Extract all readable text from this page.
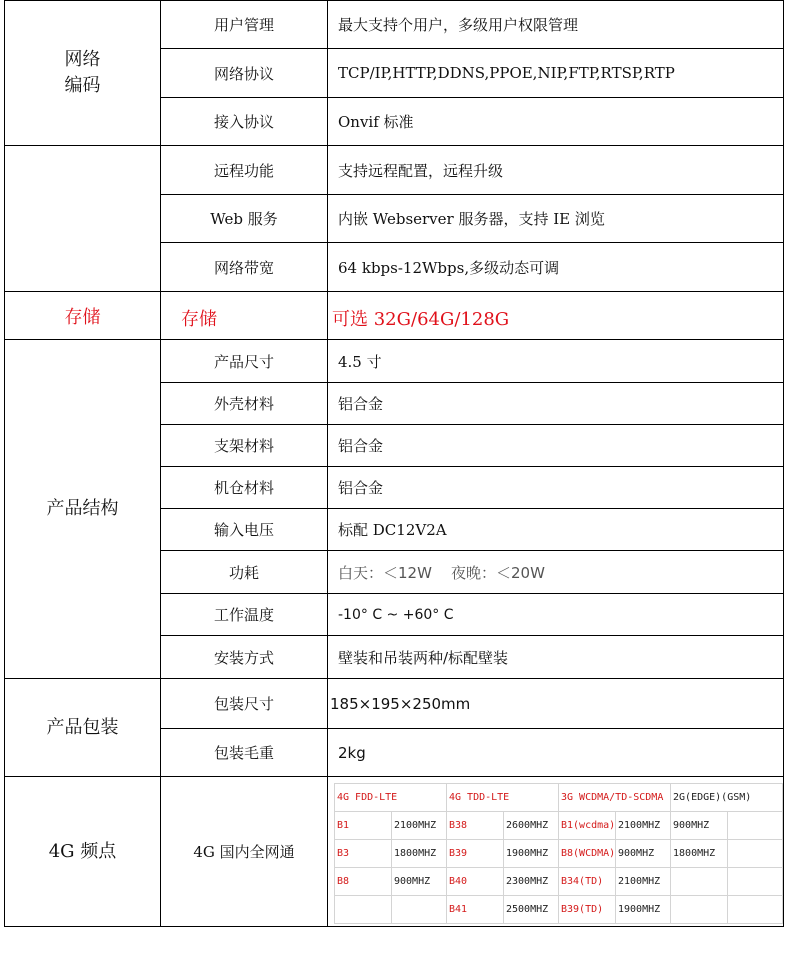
网络
编码	用户管理	最大支持个用户，多级用户权限管理
网络协议	TCP/IP,HTTP,DDNS,PPOE,NIP,FTP,RTSP,RTP
接入协议	Onvif 标准
	远程功能	支持远程配置，远程升级
Web 服务	内嵌 Webserver 服务器，支持 IE 浏览
网络带宽	64 kbps-12Wbps,多级动态可调
存储	存储	可选 32G/64G/128G
产品结构	产品尺寸	4.5 寸
外壳材料	铝合金
支架材料	铝合金
机仓材料	铝合金
输入电压	标配 DC12V2A
功耗	白天：＜12W    夜晚：＜20W
工作温度	-10° C ~ +60° C
安装方式	壁装和吊装两种/标配壁装
产品包装	包装尺寸	185×195×250mm
包装毛重	2kg
4G 频点	4G 国内全网通	
4G FDD-LTE	4G TDD-LTE	3G WCDMA/TD-SCDMA	2G(EDGE)(GSM)
B1	2100MHZ	B38	2600MHZ	B1(wcdma)	2100MHZ	900MHZ	
B3	1800MHZ	B39	1900MHZ	B8(WCDMA)	900MHZ	1800MHZ	
B8	900MHZ	B40	2300MHZ	B34(TD)	2100MHZ		
		B41	2500MHZ	B39(TD)	1900MHZ		
